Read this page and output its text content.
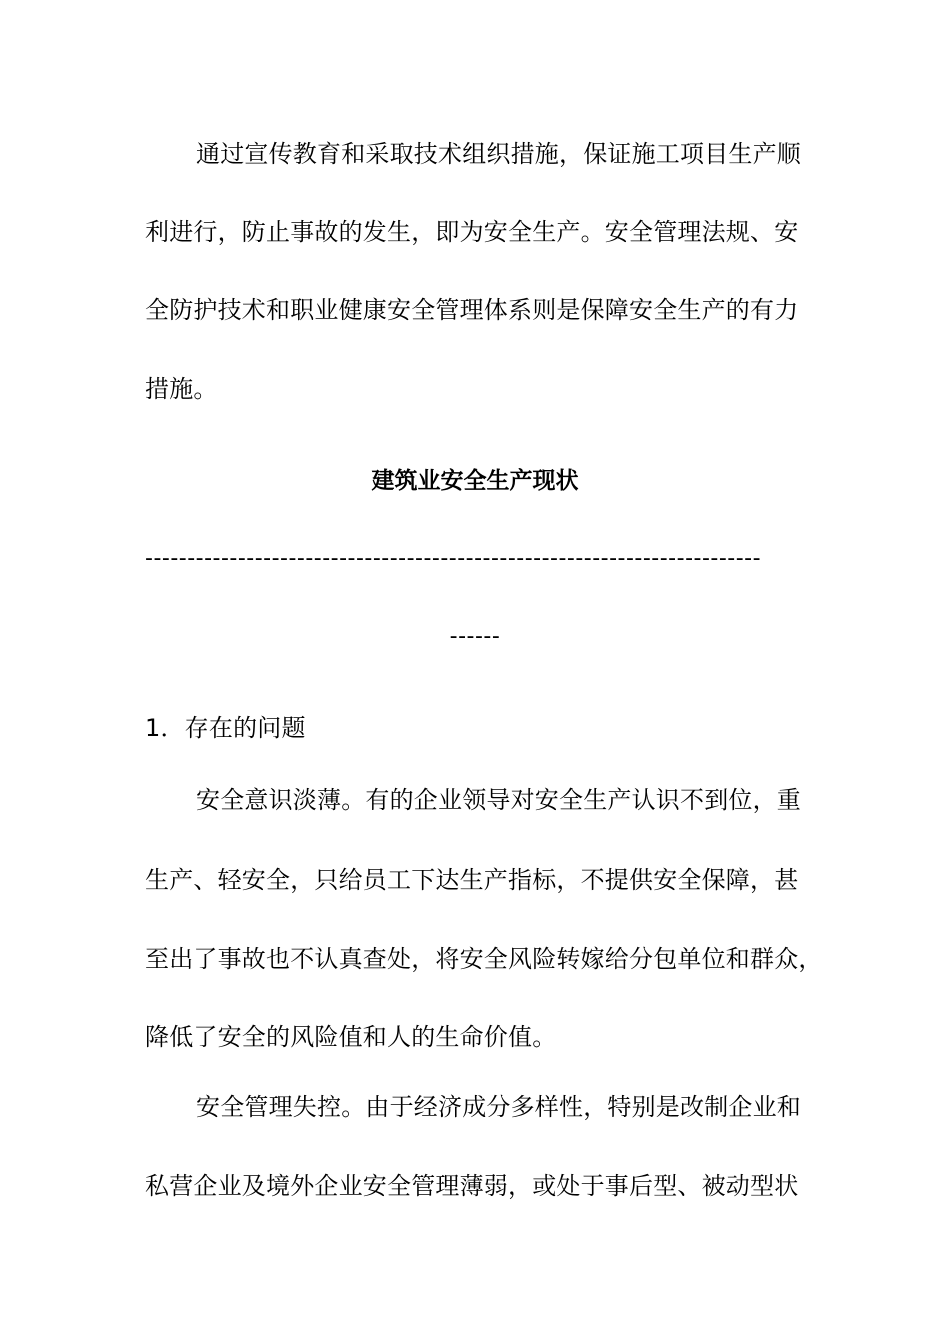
通过宣传教育和采取技术组织措施，保证施工项目生产顺
利进行，防止事故的发生，即为安全生产。安全管理法规、安
全防护技术和职业健康安全管理体系则是保障安全生产的有力
措施。
建筑业安全生产现状
-------------------------------------------------------------------------
------
1．存在的问题
安全意识淡薄。有的企业领导对安全生产认识不到位，重
生产、轻安全，只给员工下达生产指标，不提供安全保障，甚
至出了事故也不认真查处，将安全风险转嫁给分包单位和群众，
降低了安全的风险值和人的生命价值。
安全管理失控。由于经济成分多样性，特别是改制企业和
私营企业及境外企业安全管理薄弱，或处于事后型、被动型状
